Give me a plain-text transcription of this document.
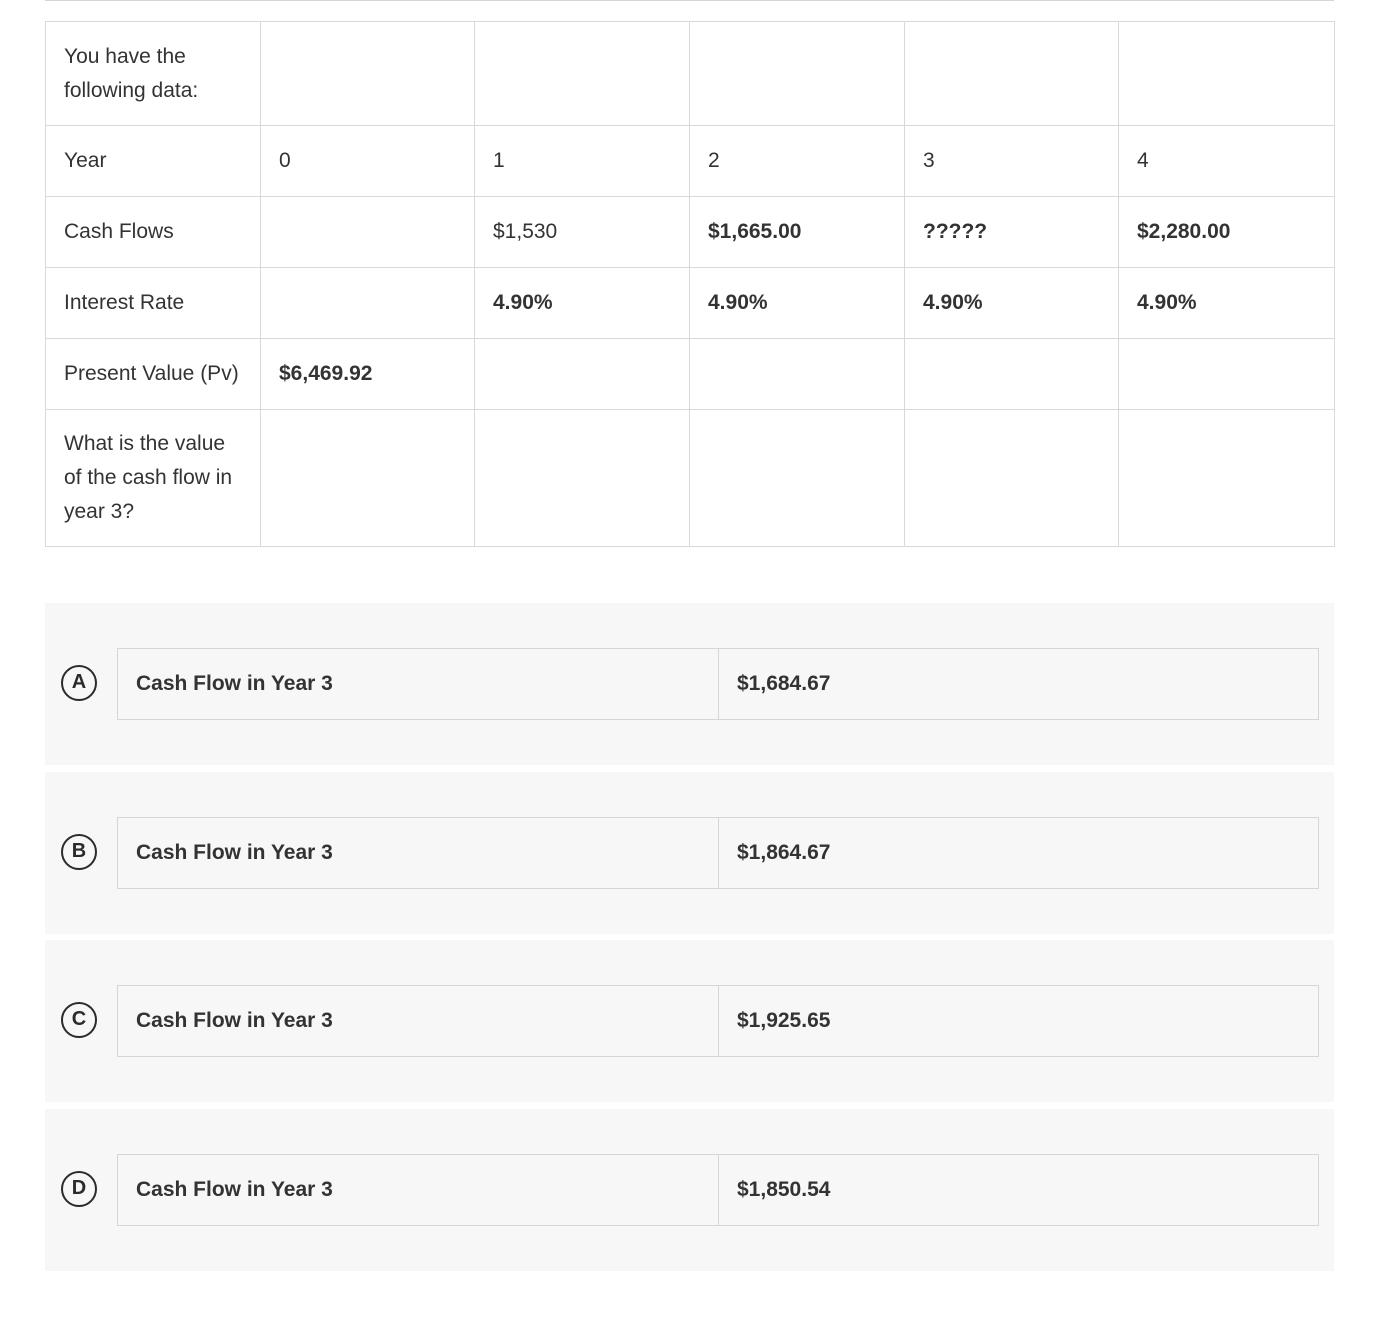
You have the following data:					
Year	0	1	2	3	4
Cash Flows		$1,530	$1,665.00	?????	$2,280.00
Interest Rate		4.90%	4.90%	4.90%	4.90%
Present Value (Pv)	$6,469.92				
What is the value of the cash flow in year 3?					
A	Cash Flow in Year 3	$1,684.67
B	Cash Flow in Year 3	$1,864.67
C	Cash Flow in Year 3	$1,925.65
D	Cash Flow in Year 3	$1,850.54
